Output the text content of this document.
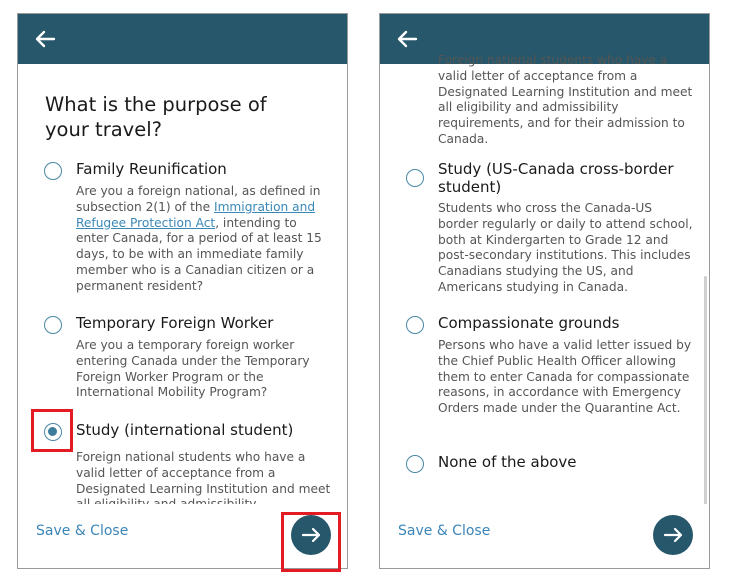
What is the purpose of your travel?
Family Reunification
Are you a foreign national, as defined in subsection 2(1) of the Immigration and Refugee Protection Act, intending to enter Canada, for a period of at least 15 days, to be with an immediate family member who is a Canadian citizen or a permanent resident?
Temporary Foreign Worker
Are you a temporary foreign worker entering Canada under the Temporary Foreign Worker Program or the International Mobility Program?
Study (international student)
Foreign national students who have a valid letter of acceptance from a Designated Learning Institution and meet
Save & Close
Foreign national students who have a valid letter of acceptance from a Designated Learning Institution and meet all eligibility and admissibility requirements, and for their admission to Canada.
Study (US-Canada cross-border student)
Students who cross the Canada-US border regularly or daily to attend school, both at Kindergarten to Grade 12 and post-secondary institutions. This includes Canadians studying the US, and Americans studying in Canada.
Compassionate grounds
Persons who have a valid letter issued by the Chief Public Health Officer allowing them to enter Canada for compassionate reasons, in accordance with Emergency Orders made under the Quarantine Act.
None of the above
Save & Close
